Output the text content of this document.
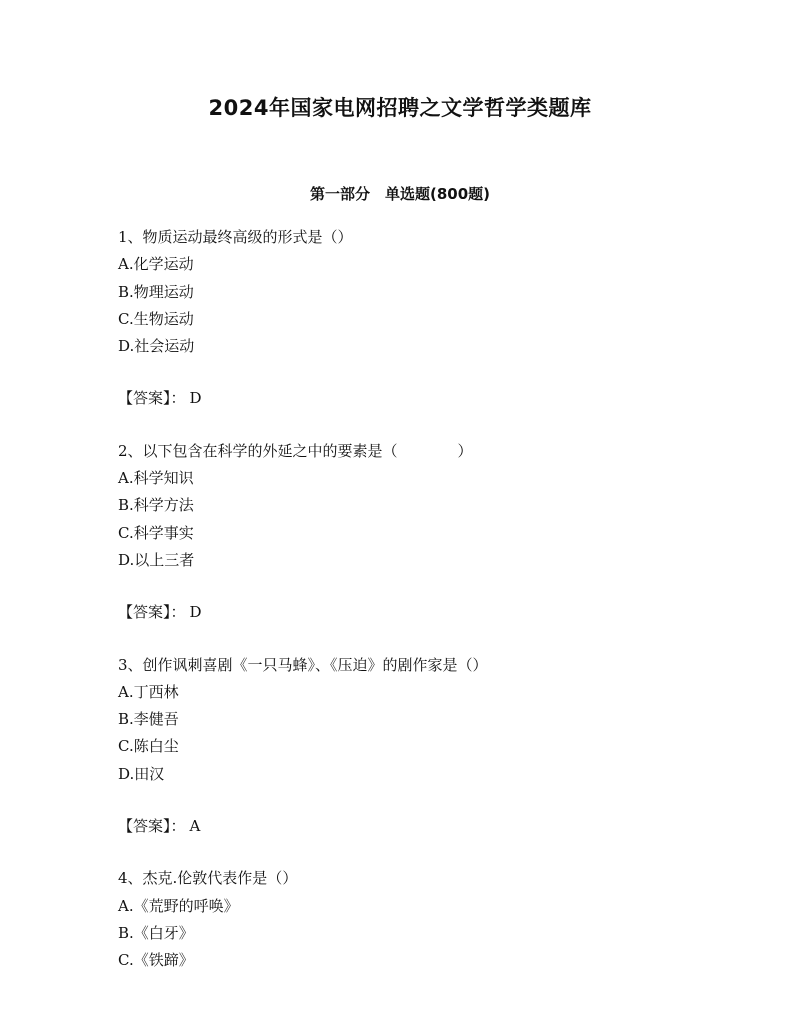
2024年国家电网招聘之文学哲学类题库
第一部分　单选题(800题)
1、物质运动最终高级的形式是（）
A.化学运动
B.物理运动
C.生物运动
D.社会运动
【答案】： D
2、以下包含在科学的外延之中的要素是（　　　　）
A.科学知识
B.科学方法
C.科学事实
D.以上三者
【答案】： D
3、创作讽刺喜剧《一只马蜂》、《压迫》的剧作家是（）
A.丁西林
B.李健吾
C.陈白尘
D.田汉
【答案】： A
4、杰克.伦敦代表作是（）
A.《荒野的呼唤》
B.《白牙》
C.《铁蹄》
